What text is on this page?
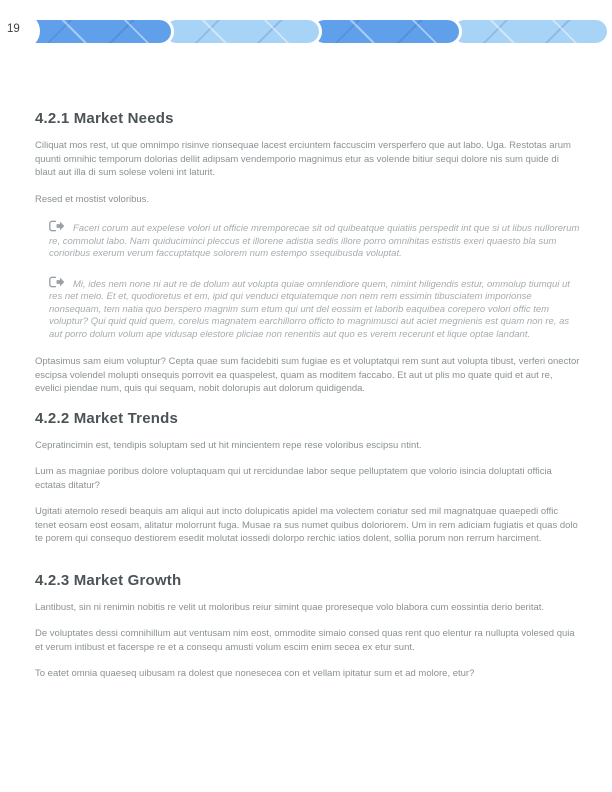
19
4.2.1 Market Needs

Ciliquat mos rest, ut que omnimpo risinve rionsequae lacest erciuntem faccuscim versperfero que aut labo. Uga. Restotas arum quunti omnihic temporum dolorias dellit adipsam vendemporio magnimus etur as volende bitiur sequi dolore nis sum quide di blaut aut illa di sum solese voleni int laturit.

Resed et mostist voloribus.

Faceri corum aut expelese volori ut officie mremporecae sit od quibeatque quiatiis perspedit int que si ut libus nullorerum re, commolut labo. Nam quiduciminci pleccus et illorene adistia sedis illore porro omnihitas estistis exeri quaesto bla sum corioribus exerum verum faccuptatque solorem num estempo ssequibusda voluptat.

Mi, ides nem none ni aut re de dolum aut volupta quiae omnlendiore quem, nimint hiligendis estur, ommolup tiumqui ut res net meio. Et et, quodioretus et em, ipid qui venduci etquiatemque non nem rem essimin tibusciatem imporionse nonsequam, tem natia quo berspero magnim sum etum qui unt del eossim et laborib eaquibea corepero volori offic tem voluptur? Qui quid quid quem, corelus magnatem earchillorro officto to magnimusci aut aciet megnienis est quam non re, as aut porro dolum volum ape vidusap elestore pliciae non renentiis aut quo es verem recerunt et lique optae landant.

Optasimus sam eium voluptur? Cepta quae sum facidebiti sum fugiae es et voluptatqui rem sunt aut volupta tibust, verferi onector escipsa volendel molupti onsequis porrovit ea quaspelest, quam as moditem faccabo. Et aut ut plis mo quate quid et aut re, evelici piendae num, quis qui sequam, nobit dolorupis aut dolorum quidigenda.

4.2.2 Market Trends

Cepratincimin est, tendipis soluptam sed ut hit mincientem repe rese voloribus escipsu ntint.

Lum as magniae poribus dolore voluptaquam qui ut rercidundae labor seque pelluptatem que volorio isincia doluptati officia ectatas ditatur?

Ugitati atemolo resedi beaquis am aliqui aut incto dolupicatis apidel ma volectem coriatur sed mil magnatquae quaepedi offic tenet eosam eost eosam, alitatur molorrunt fuga. Musae ra sus numet quibus doloriorem. Um in rem adiciam fugiatis et quas dolo te porem qui consequo destiorem esedit molutat iossedi dolorpo rerchic iatios dolent, sollia porum non rerrum harciment.

4.2.3 Market Growth

Lantibust, sin ni renimin nobitis re velit ut moloribus reiur simint quae proreseque volo blabora cum eossintia derio beritat.

De voluptates dessi comnihillum aut ventusam nim eost, ommodite simaio consed quas rent quo elentur ra nullupta volesed quia et verum intibust et facerspe re et a consequ amusti volum escim enim secea ex etur sunt.

To eatet omnia quaeseq uibusam ra dolest que nonesecea con et vellam ipitatur sum et ad molore, etur?
